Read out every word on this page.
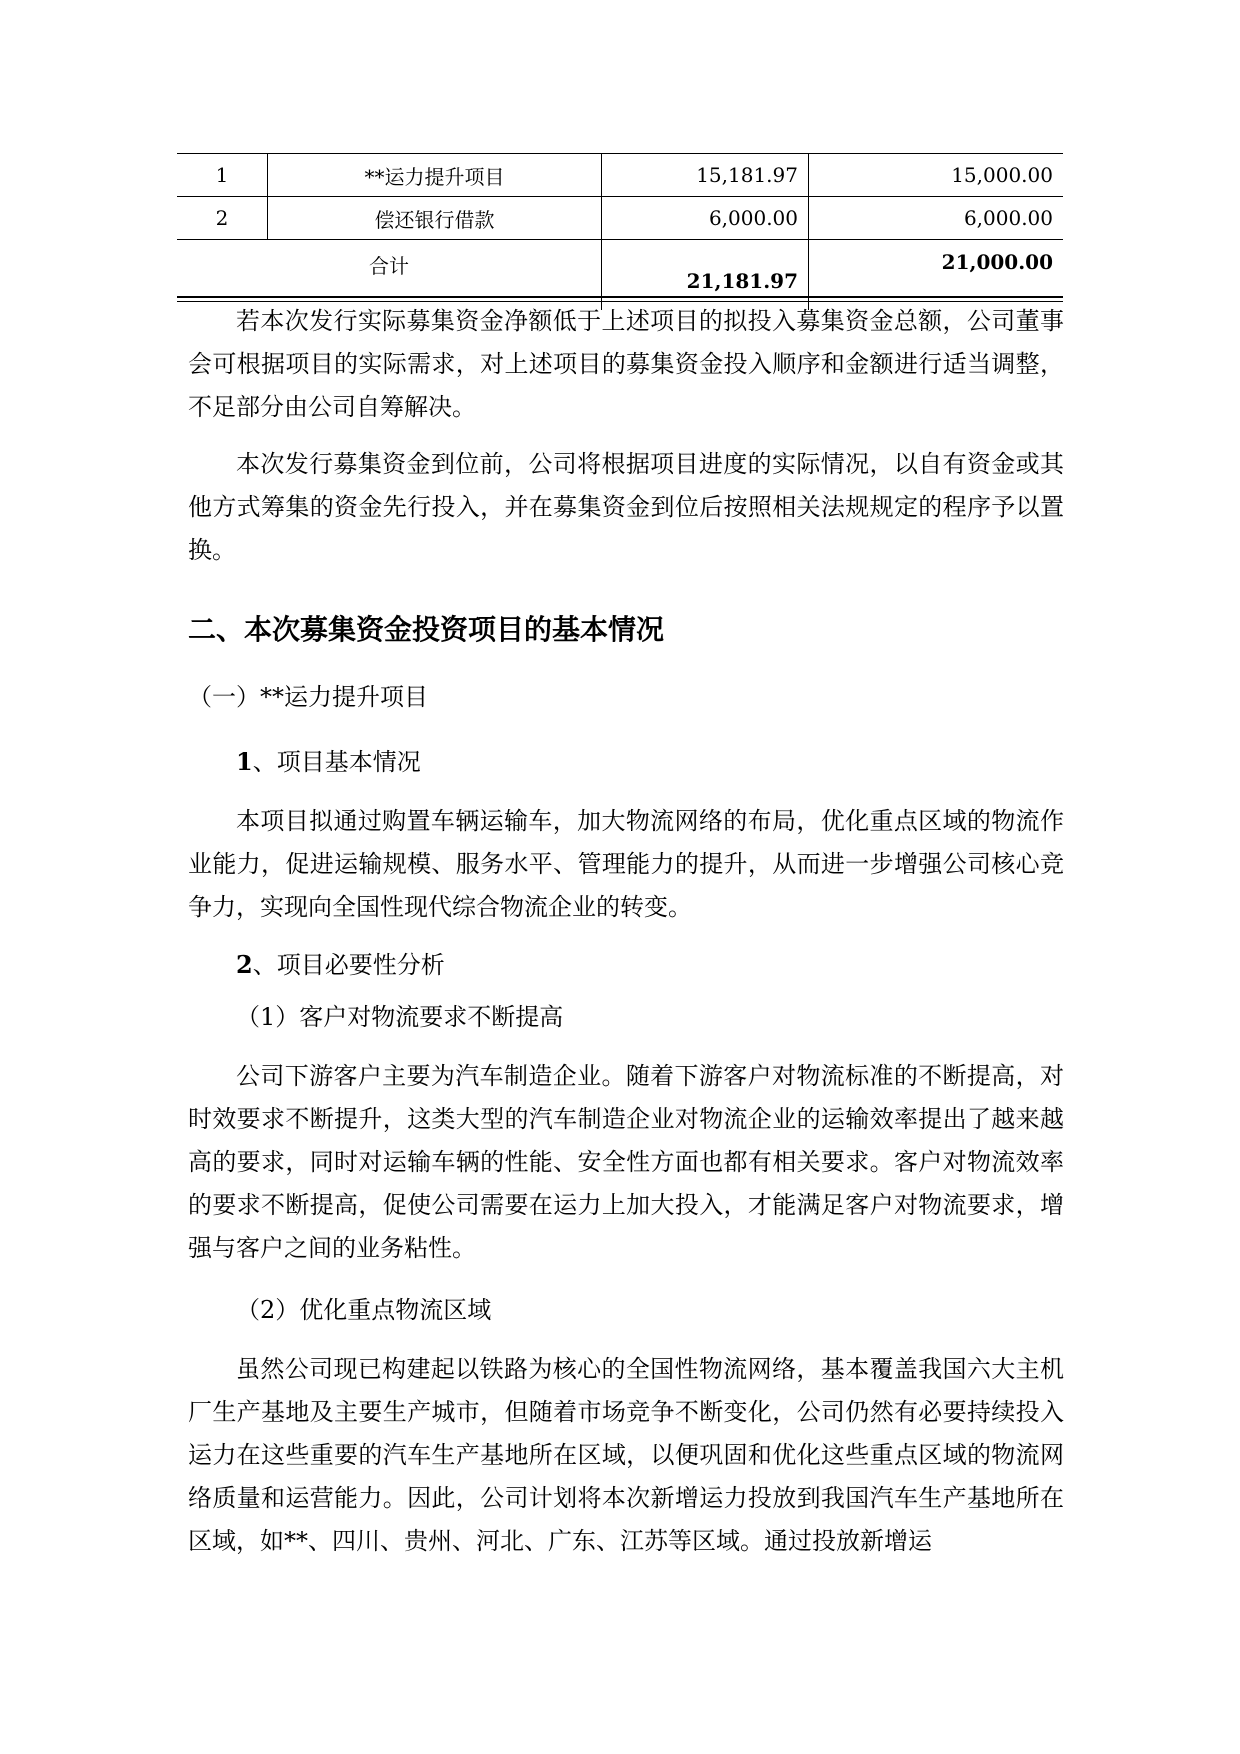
1	**运力提升项目	15,181.97	15,000.00
2	偿还银行借款	6,000.00	6,000.00
合计		21,181.97	21,000.00

若本次发行实际募集资金净额低于上述项目的拟投入募集资金总额，公司董事会可根据项目的实际需求，对上述项目的募集资金投入顺序和金额进行适当调整，不足部分由公司自筹解决。

本次发行募集资金到位前，公司将根据项目进度的实际情况，以自有资金或其他方式筹集的资金先行投入，并在募集资金到位后按照相关法规规定的程序予以置换。

二、本次募集资金投资项目的基本情况

（一）**运力提升项目

1、项目基本情况

本项目拟通过购置车辆运输车，加大物流网络的布局，优化重点区域的物流作业能力，促进运输规模、服务水平、管理能力的提升，从而进一步增强公司核心竞争力，实现向全国性现代综合物流企业的转变。

2、项目必要性分析

（1）客户对物流要求不断提高

公司下游客户主要为汽车制造企业。随着下游客户对物流标准的不断提高，对时效要求不断提升，这类大型的汽车制造企业对物流企业的运输效率提出了越来越高的要求，同时对运输车辆的性能、安全性方面也都有相关要求。客户对物流效率的要求不断提高，促使公司需要在运力上加大投入，才能满足客户对物流要求，增强与客户之间的业务粘性。

（2）优化重点物流区域

虽然公司现已构建起以铁路为核心的全国性物流网络，基本覆盖我国六大主机厂生产基地及主要生产城市，但随着市场竞争不断变化，公司仍然有必要持续投入运力在这些重要的汽车生产基地所在区域，以便巩固和优化这些重点区域的物流网络质量和运营能力。因此，公司计划将本次新增运力投放到我国汽车生产基地所在区域，如**、四川、贵州、河北、广东、江苏等区域。通过投放新增运
